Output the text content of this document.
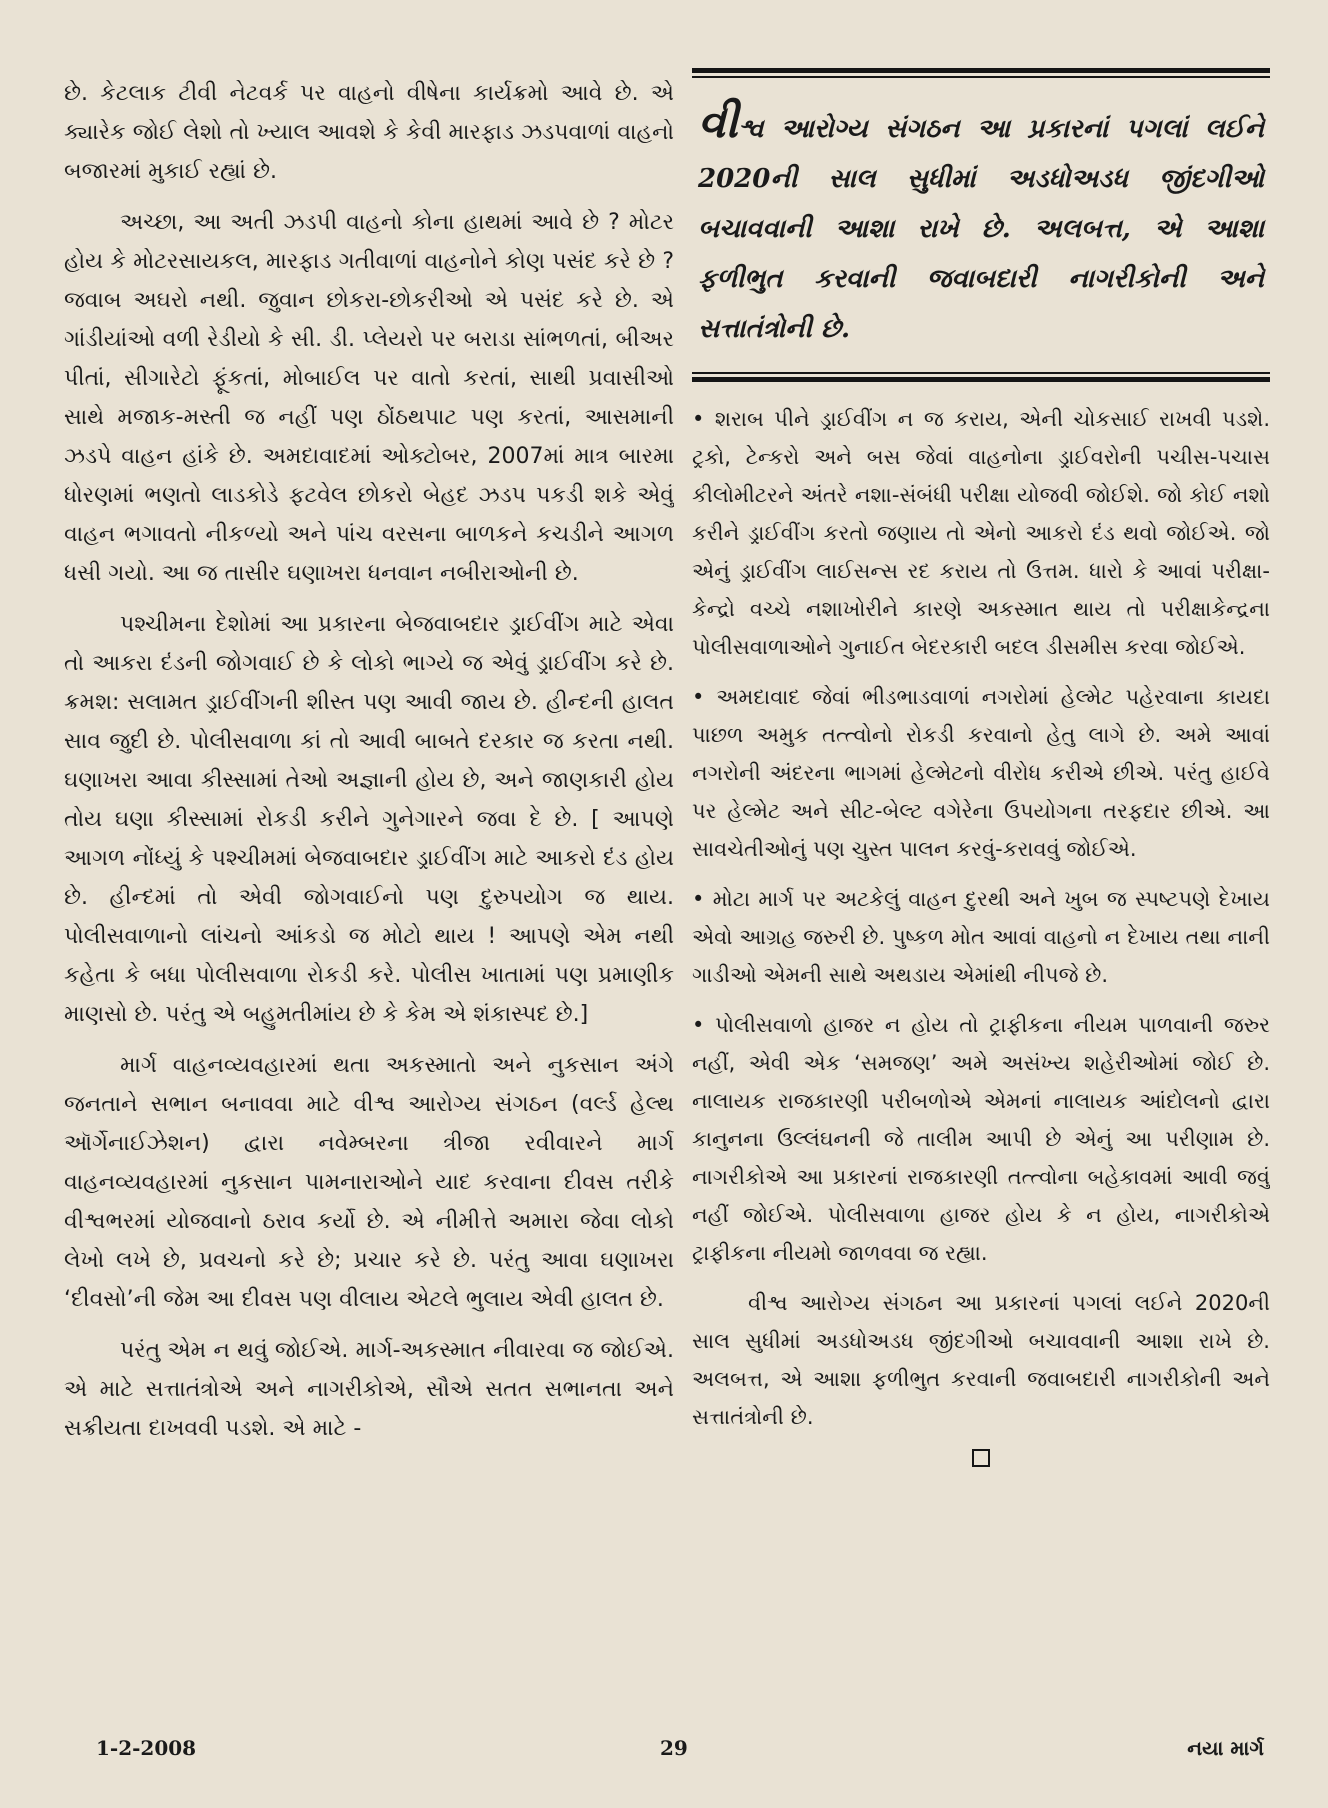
છે. કેટલાક ટીવી નેટવર્ક પર વાહનો વીષેના કાર્યક્રમો આવે છે. એ ક્યારેક જોઈ લેશો તો ખ્યાલ આવશે કે કેવી મારફાડ ઝડપવાળાં વાહનો બજારમાં મુકાઈ રહ્યાં છે.

અચ્છા, આ અતી ઝડપી વાહનો કોના હાથમાં આવે છે ? મોટર હોય કે મોટરસાયકલ, મારફાડ ગતીવાળાં વાહનોને કોણ પસંદ કરે છે ? જવાબ અઘરો નથી. જુવાન છોકરા-છોકરીઓ એ પસંદ કરે છે. એ ગાંડીયાંઓ વળી રેડીયો કે સી. ડી. પ્લેયરો પર બરાડા સાંભળતાં, બીઅર પીતાં, સીગારેટો ફૂંકતાં, મોબાઈલ પર વાતો કરતાં, સાથી પ્રવાસીઓ સાથે મજાક-મસ્તી જ નહીં પણ ઠોંઠથપાટ પણ કરતાં, આસમાની ઝડપે વાહન હાંકે છે. અમદાવાદમાં ઓક્ટોબર, 2007માં માત્ર બારમા ધોરણમાં ભણતો લાડકોડે ફટવેલ છોકરો બેહદ ઝડપ પકડી શકે એવું વાહન ભગાવતો નીકળ્યો અને પાંચ વરસના બાળકને કચડીને આગળ ધસી ગયો. આ જ તાસીર ઘણાખરા ધનવાન નબીરાઓની છે.

પશ્ચીમના દેશોમાં આ પ્રકારના બેજવાબદાર ડ્રાઈવીંગ માટે એવા તો આકરા દંડની જોગવાઈ છે કે લોકો ભાગ્યે જ એવું ડ્રાઈવીંગ કરે છે. ક્રમશ: સલામત ડ્રાઈવીંગની શીસ્ત પણ આવી જાય છે. હીન્દની હાલત સાવ જુદી છે. પોલીસવાળા કાં તો આવી બાબતે દરકાર જ કરતા નથી. ઘણાખરા આવા કીસ્સામાં તેઓ અજ્ઞાની હોય છે, અને જાણકારી હોય તોય ઘણા કીસ્સામાં રોકડી કરીને ગુનેગારને જવા દે છે. [ આપણે આગળ નોંધ્યું કે પશ્ચીમમાં બેજવાબદાર ડ્રાઈવીંગ માટે આકરો દંડ હોય છે. હીન્દમાં તો એવી જોગવાઈનો પણ દુરુપયોગ જ થાય. પોલીસવાળાનો લાંચનો આંકડો જ મોટો થાય ! આપણે એમ નથી કહેતા કે બધા પોલીસવાળા રોકડી કરે. પોલીસ ખાતામાં પણ પ્રમાણીક માણસો છે. પરંતુ એ બહુમતીમાંય છે કે કેમ એ શંકાસ્પદ છે.]

માર્ગ વાહનવ્યવહારમાં થતા અકસ્માતો અને નુકસાન અંગે જનતાને સભાન બનાવવા માટે વીશ્વ આરોગ્ય સંગઠન (વર્લ્ડ હેલ્થ ઑર્ગેનાઈઝેશન) દ્વારા નવેમ્બરના ત્રીજા રવીવારને માર્ગ વાહનવ્યવહારમાં નુકસાન પામનારાઓને યાદ કરવાના દીવસ તરીકે વીશ્વભરમાં યોજવાનો ઠરાવ કર્યો છે. એ નીમીત્તે અમારા જેવા લોકો લેખો લખે છે, પ્રવચનો કરે છે; પ્રચાર કરે છે. પરંતુ આવા ઘણાખરા ‘દીવસો’ની જેમ આ દીવસ પણ વીલાય એટલે ભુલાય એવી હાલત છે.

પરંતુ એમ ન થવું જોઈએ. માર્ગ-અકસ્માત નીવારવા જ જોઈએ. એ માટે સત્તાતંત્રોએ અને નાગરીકોએ, સૌએ સતત સભાનતા અને સક્રીયતા દાખવવી પડશે. એ માટે -

વીશ્વ આરોગ્ય સંગઠન આ પ્રકારનાં પગલાં લઈને 2020ની સાલ સુધીમાં અડધોઅડધ જીંદગીઓ બચાવવાની આશા રાખે છે. અલબત્ત, એ આશા ફળીભુત કરવાની જવાબદારી નાગરીકોની અને સત્તાતંત્રોની છે.

• શરાબ પીને ડ્રાઈવીંગ ન જ કરાય, એની ચોકસાઈ રાખવી પડશે. ટ્રકો, ટેન્કરો અને બસ જેવાં વાહનોના ડ્રાઈવરોની પચીસ-પચાસ કીલોમીટરને અંતરે નશા-સંબંધી પરીક્ષા યોજવી જોઈશે. જો કોઈ નશો કરીને ડ્રાઈવીંગ કરતો જણાય તો એનો આકરો દંડ થવો જોઈએ. જો એનું ડ્રાઈવીંગ લાઈસન્સ રદ કરાય તો ઉત્તમ. ધારો કે આવાં પરીક્ષા-કેન્દ્રો વચ્ચે નશાખોરીને કારણે અકસ્માત થાય તો પરીક્ષાકેન્દ્રના પોલીસવાળાઓને ગુનાઈત બેદરકારી બદલ ડીસમીસ કરવા જોઈએ.

• અમદાવાદ જેવાં ભીડભાડવાળાં નગરોમાં હેલ્મેટ પહેરવાના કાયદા પાછળ અમુક તત્ત્વોનો રોકડી કરવાનો હેતુ લાગે છે. અમે આવાં નગરોની અંદરના ભાગમાં હેલ્મેટનો વીરોધ કરીએ છીએ. પરંતુ હાઈવે પર હેલ્મેટ અને સીટ-બેલ્ટ વગેરેના ઉપયોગના તરફદાર છીએ. આ સાવચેતીઓનું પણ ચુસ્ત પાલન કરવું-કરાવવું જોઈએ.

• મોટા માર્ગ પર અટકેલું વાહન દુરથી અને ખુબ જ સ્પષ્ટપણે દેખાય એવો આગ્રહ જરુરી છે. પુષ્કળ મોત આવાં વાહનો ન દેખાય તથા નાની ગાડીઓ એમની સાથે અથડાય એમાંથી નીપજે છે.

• પોલીસવાળો હાજર ન હોય તો ટ્રાફીકના નીયમ પાળવાની જરુર નહીં, એવી એક ‘સમજણ’ અમે અસંખ્ય શહેરીઓમાં જોઈ છે. નાલાયક રાજકારણી પરીબળોએ એમનાં નાલાયક આંદોલનો દ્વારા કાનુનના ઉલ્લંઘનની જે તાલીમ આપી છે એનું આ પરીણામ છે. નાગરીકોએ આ પ્રકારનાં રાજકારણી તત્ત્વોના બહેકાવમાં આવી જવું નહીં જોઈએ. પોલીસવાળા હાજર હોય કે ન હોય, નાગરીકોએ ટ્રાફીકના નીયમો જાળવવા જ રહ્યા.

વીશ્વ આરોગ્ય સંગઠન આ પ્રકારનાં પગલાં લઈને 2020ની સાલ સુધીમાં અડધોઅડધ જીંદગીઓ બચાવવાની આશા રાખે છે. અલબત્ત, એ આશા ફળીભુત કરવાની જવાબદારી નાગરીકોની અને સત્તાતંત્રોની છે.

1-2-2008	29	નયા માર્ગ
